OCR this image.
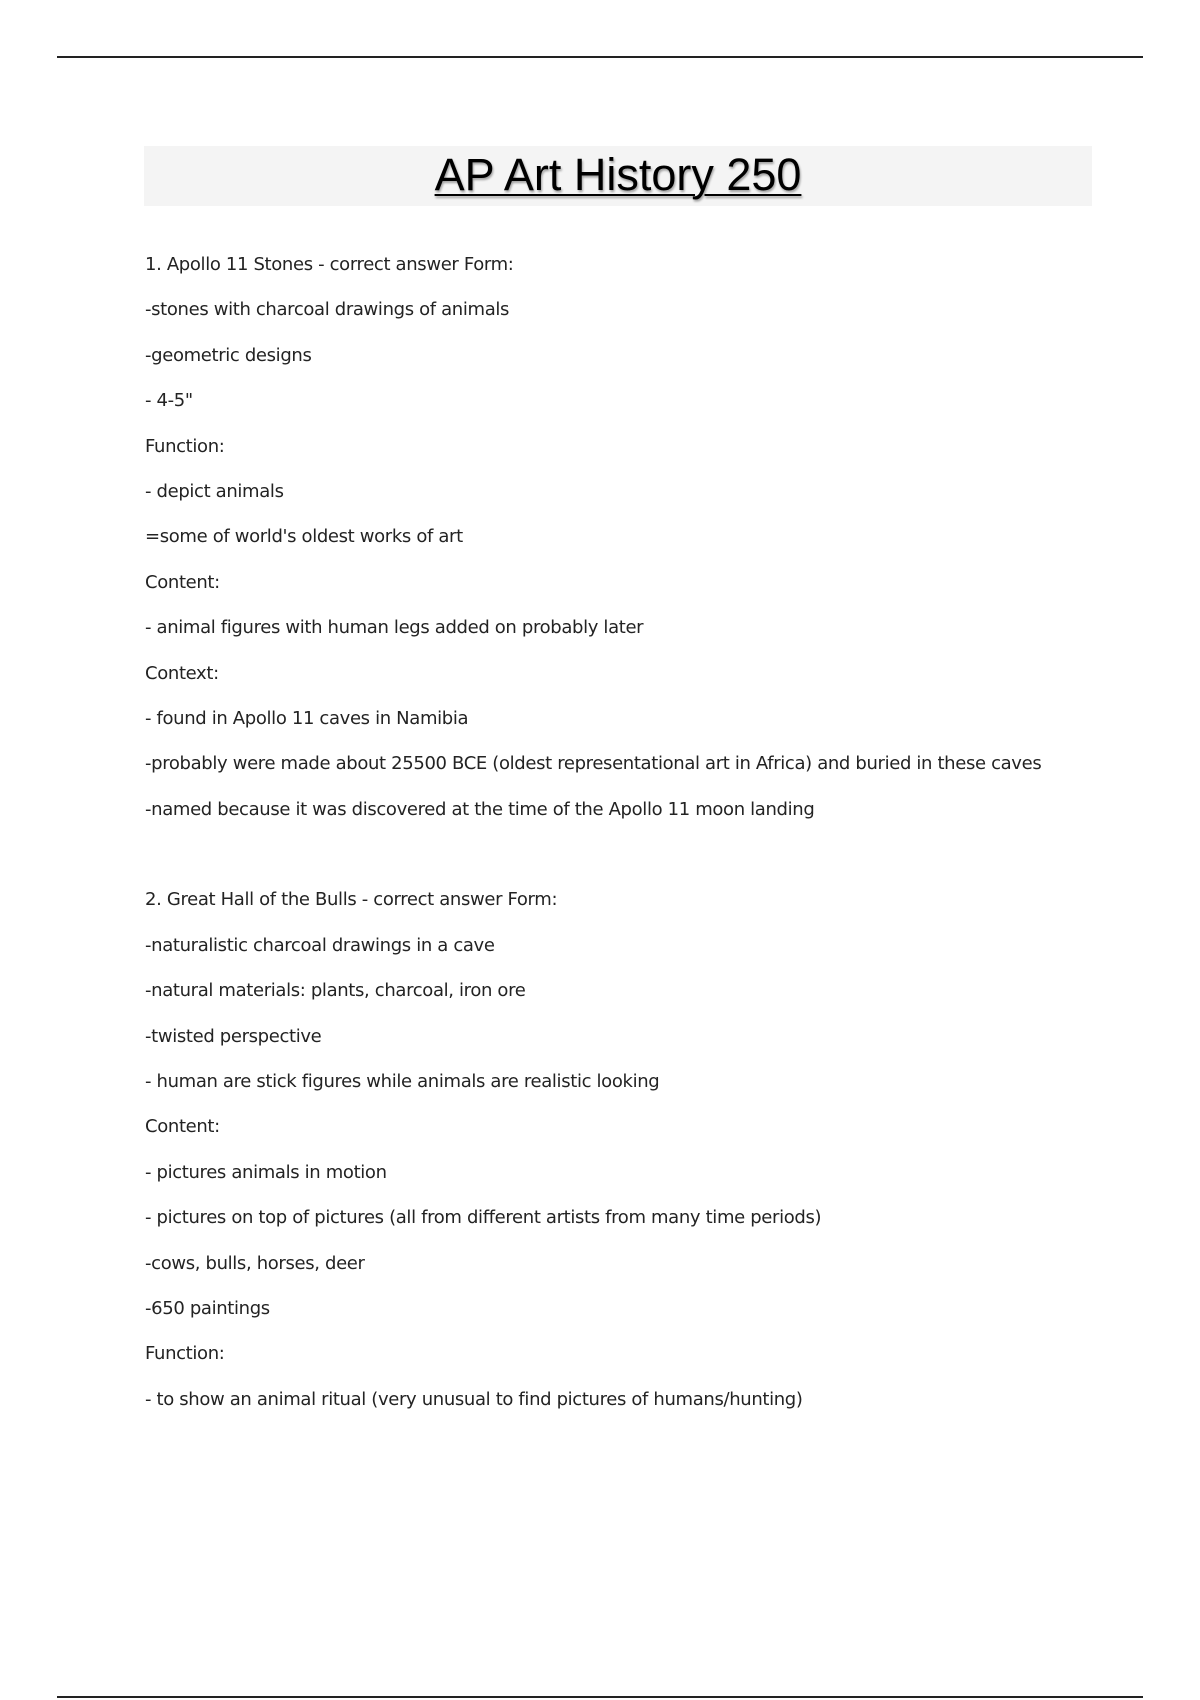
AP Art History 250
1. Apollo 11 Stones - correct answer Form:
-stones with charcoal drawings of animals
-geometric designs
- 4-5"
Function:
- depict animals
=some of world's oldest works of art
Content:
- animal figures with human legs added on probably later
Context:
- found in Apollo 11 caves in Namibia
-probably were made about 25500 BCE (oldest representational art in Africa) and buried in these caves
-named because it was discovered at the time of the Apollo 11 moon landing
2. Great Hall of the Bulls - correct answer Form:
-naturalistic charcoal drawings in a cave
-natural materials: plants, charcoal, iron ore
-twisted perspective
- human are stick figures while animals are realistic looking
Content:
- pictures animals in motion
- pictures on top of pictures (all from different artists from many time periods)
-cows, bulls, horses, deer
-650 paintings
Function:
- to show an animal ritual (very unusual to find pictures of humans/hunting)
